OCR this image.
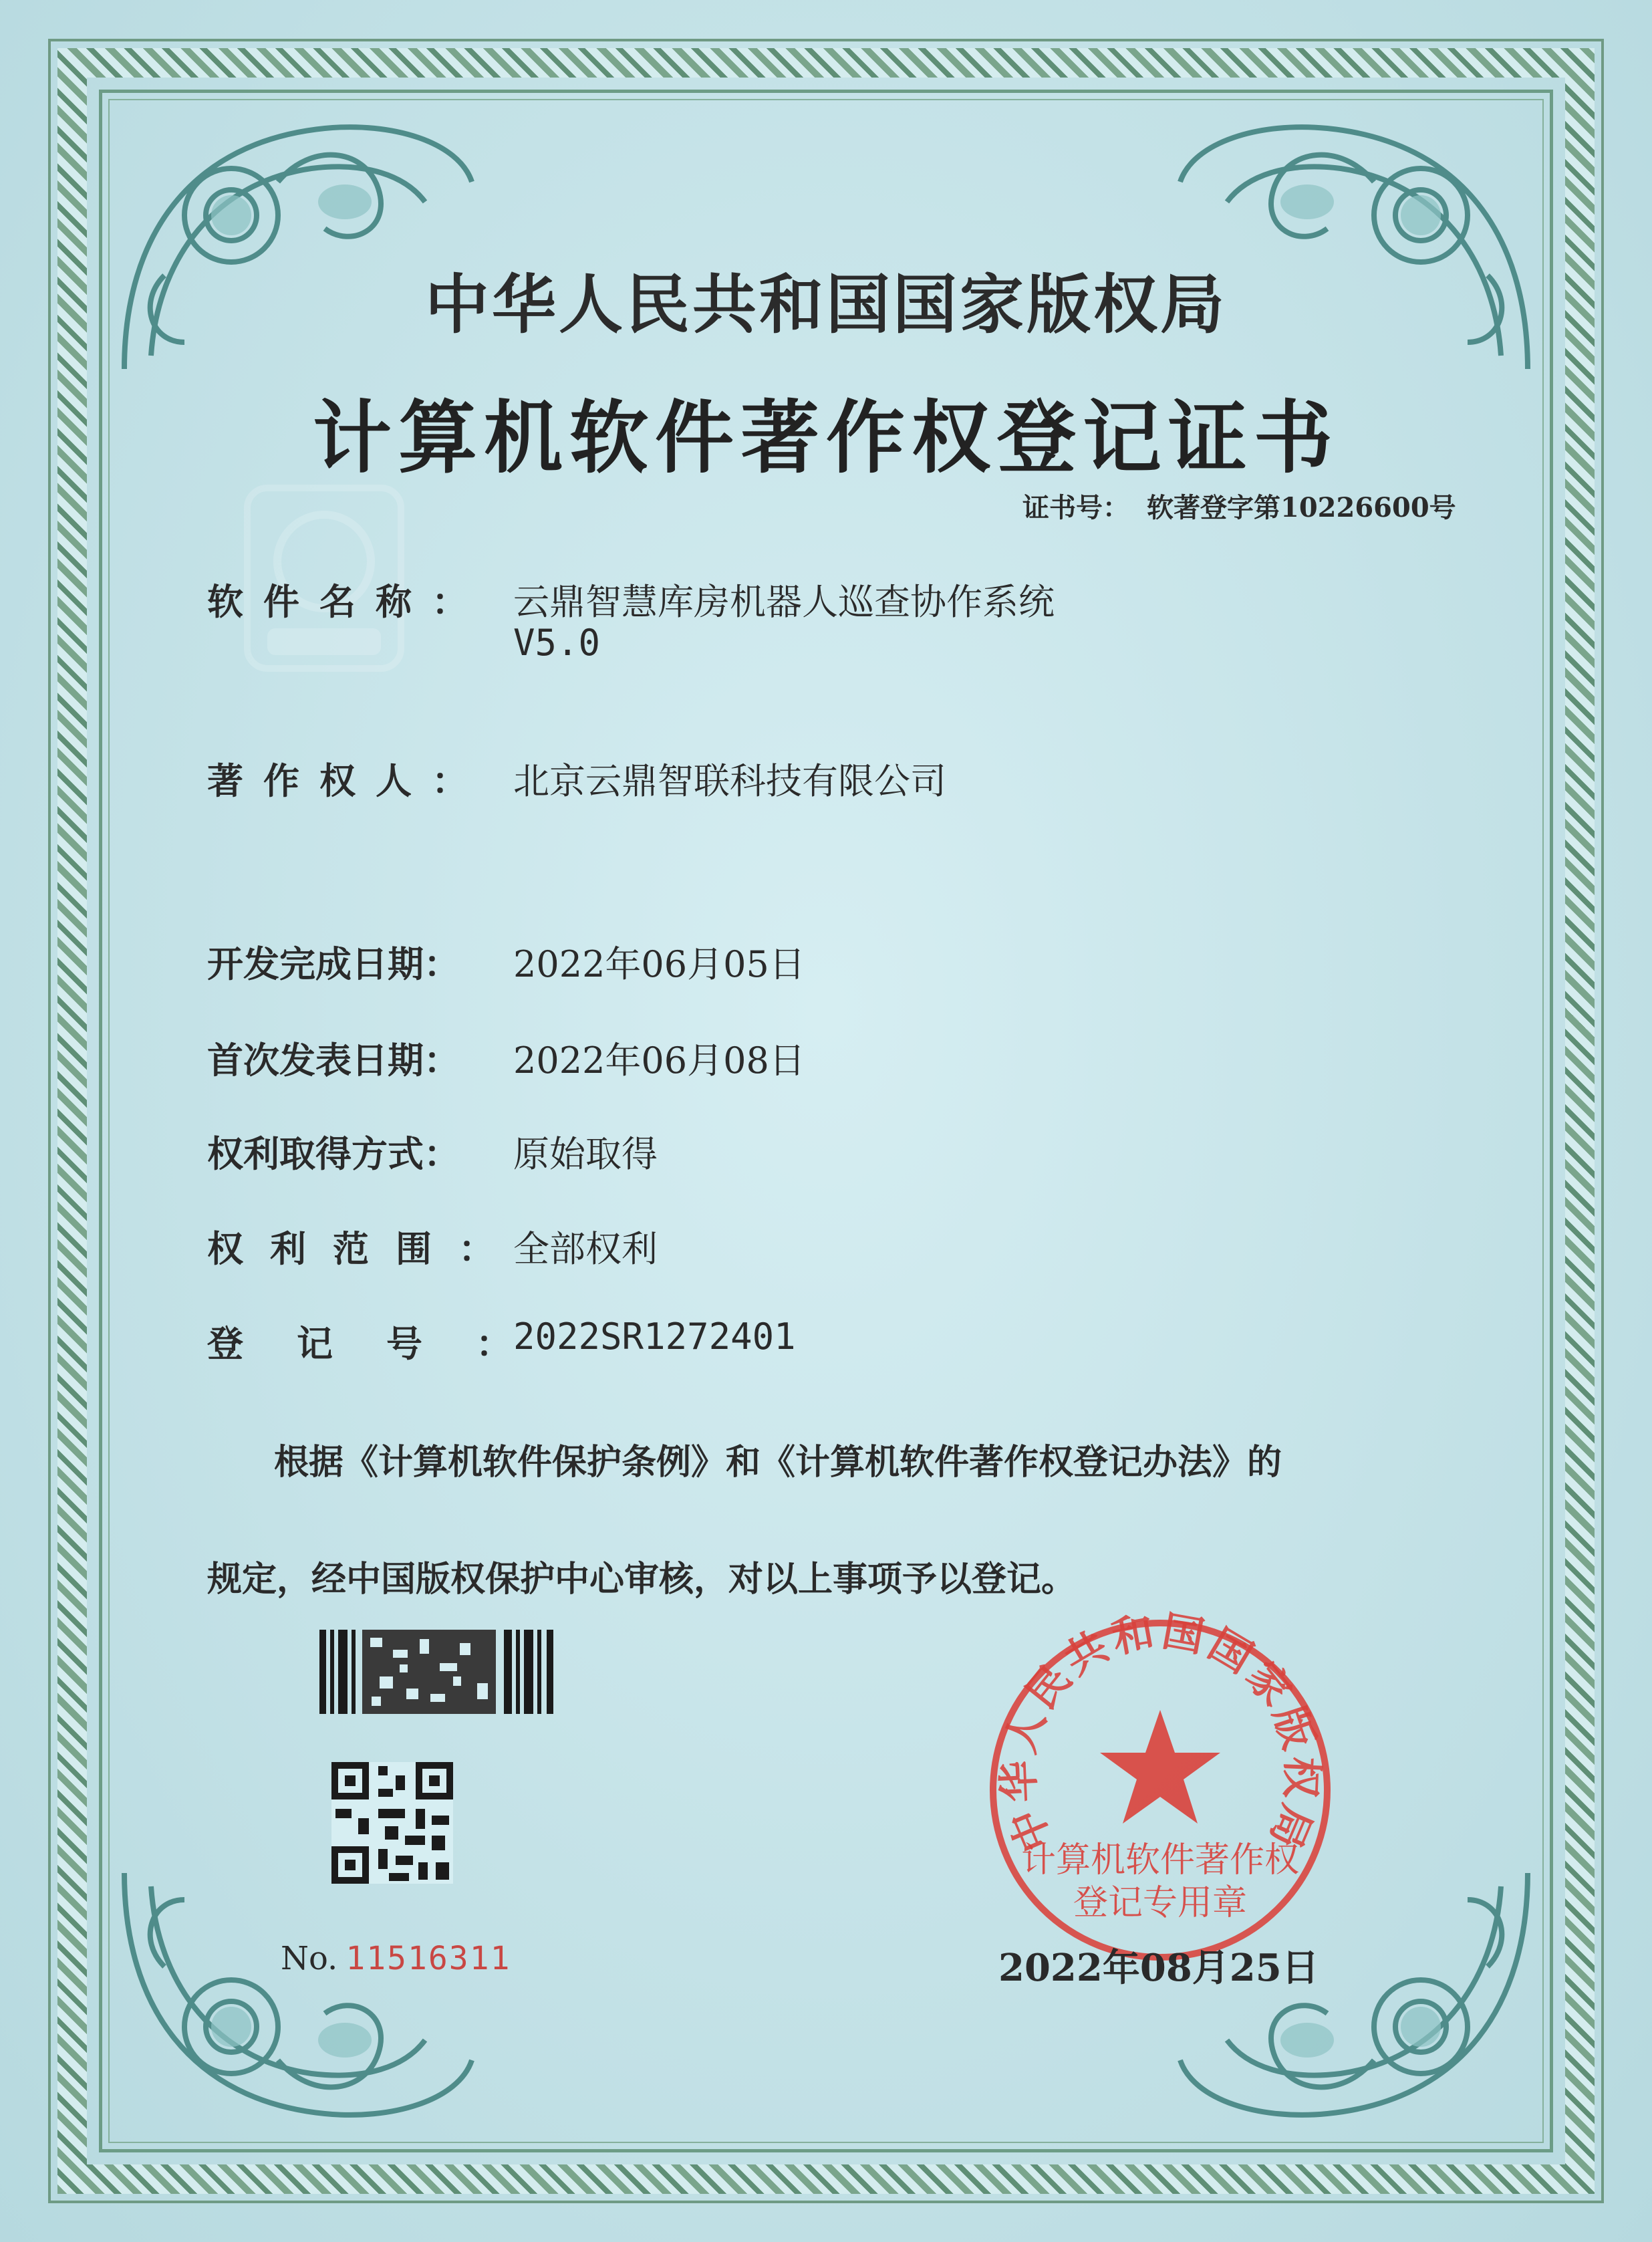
中华人民共和国国家版权局
计算机软件著作权登记证书
证书号： 软著登字第10226600号
软件名称： 云鼎智慧库房机器人巡查协作系统
V5.0
著作权人： 北京云鼎智联科技有限公司
开发完成日期： 2022年06月05日
首次发表日期： 2022年06月08日
权利取得方式： 原始取得
权利范围：
全部权利
登记号：
2022SR1272401
根据《计算机软件保护条例》和《计算机软件著作权登记办法》的
规定，经中国版权保护中心审核，对以上事项予以登记。
No. 11516311
中华人民共和国国家版权局
计算机软件著作权
登记专用章
2022年08月25日
